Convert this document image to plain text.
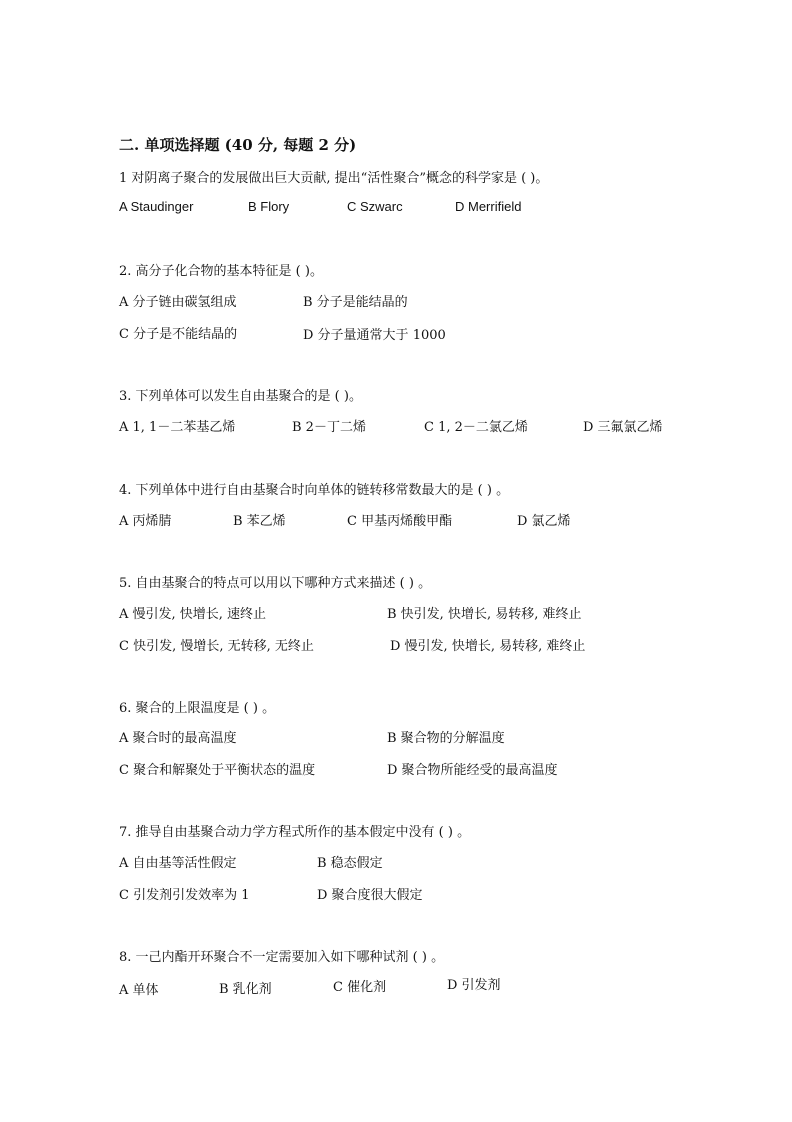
二. 单项选择题 (40 分, 每题 2 分)
1 对阴离子聚合的发展做出巨大贡献, 提出“活性聚合”概念的科学家是 ( )。
A Staudinger	B Flory	C Szwarc	D Merrifield
2. 高分子化合物的基本特征是 ( )。
A 分子链由碳氢组成	B 分子是能结晶的
C 分子是不能结晶的	D 分子量通常大于 1000
3. 下列单体可以发生自由基聚合的是 ( )。
A 1, 1－二苯基乙烯	B 2－丁二烯	C 1, 2－二氯乙烯	D 三氟氯乙烯
4. 下列单体中进行自由基聚合时向单体的链转移常数最大的是 ( ) 。
A 丙烯腈	B 苯乙烯	C 甲基丙烯酸甲酯	D 氯乙烯
5. 自由基聚合的特点可以用以下哪种方式来描述 ( ) 。
A 慢引发, 快增长, 速终止	B 快引发, 快增长, 易转移, 难终止
C 快引发, 慢增长, 无转移, 无终止	D 慢引发, 快增长, 易转移, 难终止
6. 聚合的上限温度是 ( ) 。
A 聚合时的最高温度	B 聚合物的分解温度
C 聚合和解聚处于平衡状态的温度	D 聚合物所能经受的最高温度
7. 推导自由基聚合动力学方程式所作的基本假定中没有 ( ) 。
A 自由基等活性假定	B 稳态假定
C 引发剂引发效率为 1	D 聚合度很大假定
8. 一己内酯开环聚合不一定需要加入如下哪种试剂 ( ) 。
A 单体	B 乳化剂	C 催化剂	D 引发剂
